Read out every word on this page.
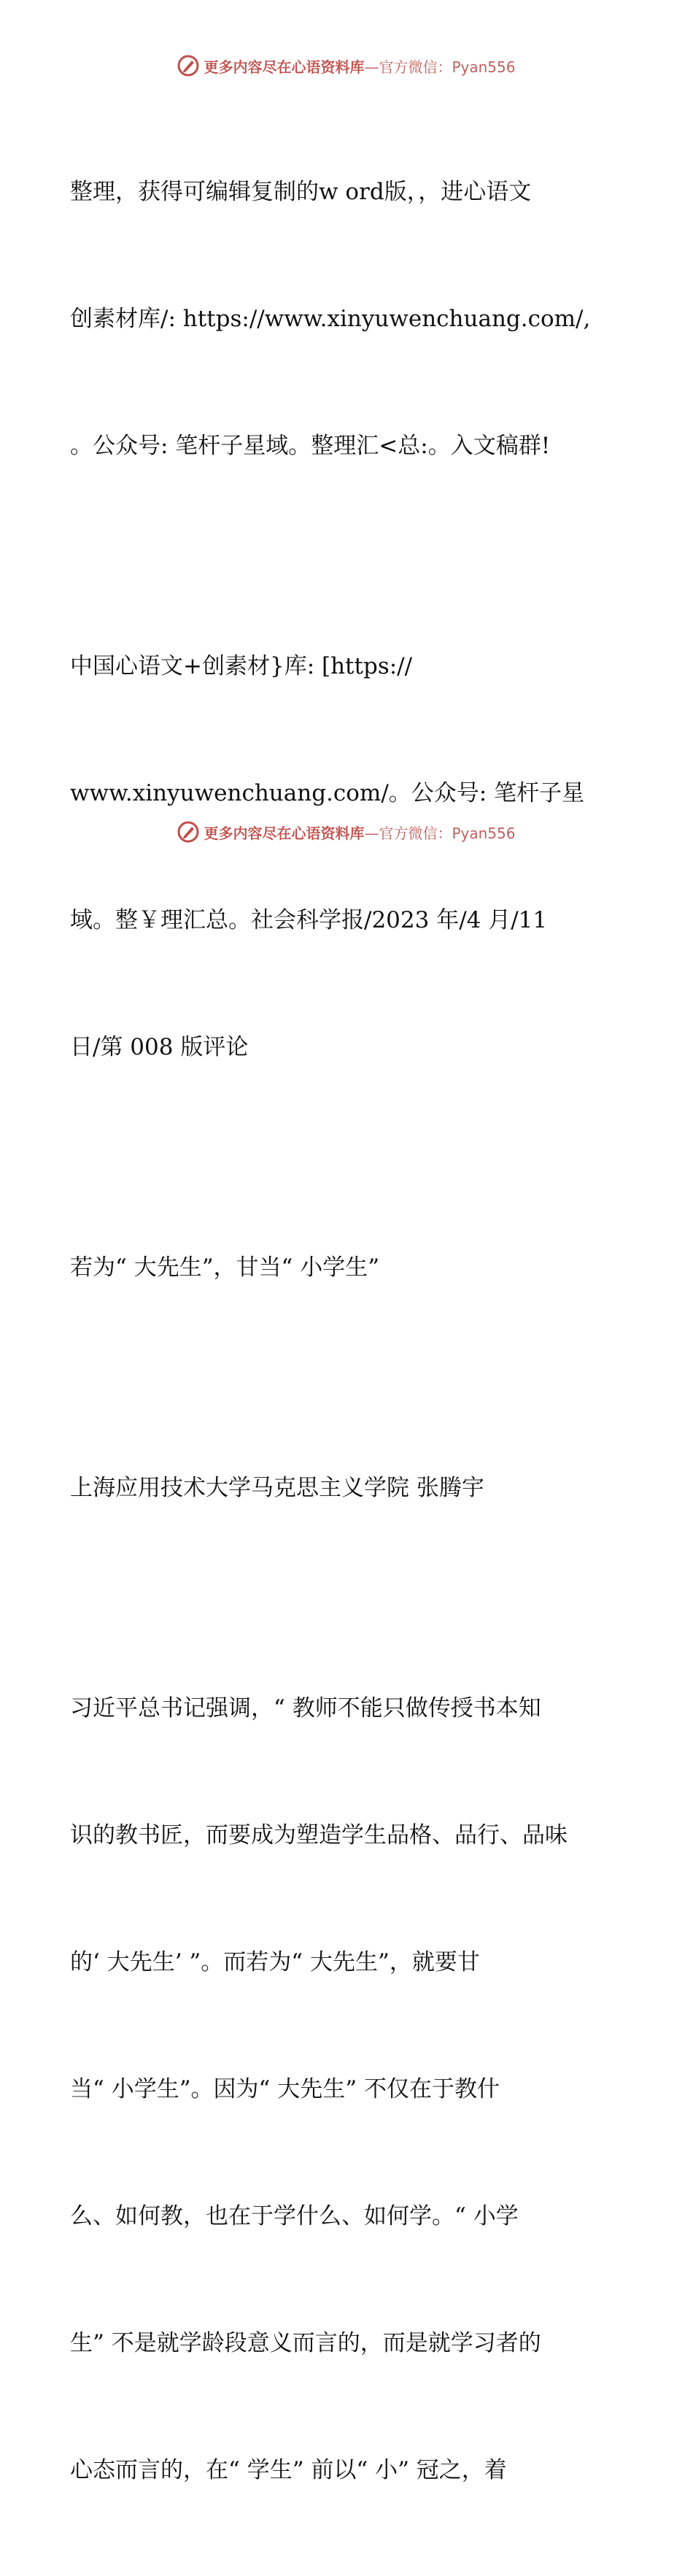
更多内容尽在心语资料库—官方微信：Pyan556

整理，获得可编辑复制的w ord版，，进心语文

创素材库/: https://www.xinyuwenchuang.com/,

。公众号: 笔杆子星域。整理汇<总:。入文稿群!

中国心语文+创素材}库: [https://

www.xinyuwenchuang.com/。公众号: 笔杆子星

域。整￥理汇总。社会科学报/2023 年/4 月/11

日/第 008 版评论

若为“ 大先生”，甘当“ 小学生”

上海应用技术大学马克思主义学院 张腾宇

习近平总书记强调，“ 教师不能只做传授书本知

识的教书匠，而要成为塑造学生品格、品行、品味

的‘ 大先生’ ”。而若为“ 大先生”，就要甘

当“ 小学生”。因为“ 大先生” 不仅在于教什

么、如何教，也在于学什么、如何学。“ 小学

生” 不是就学龄段意义而言的，而是就学习者的

心态而言的，在“ 学生” 前以“ 小” 冠之，着

更多内容尽在心语资料库—官方微信：Pyan556
